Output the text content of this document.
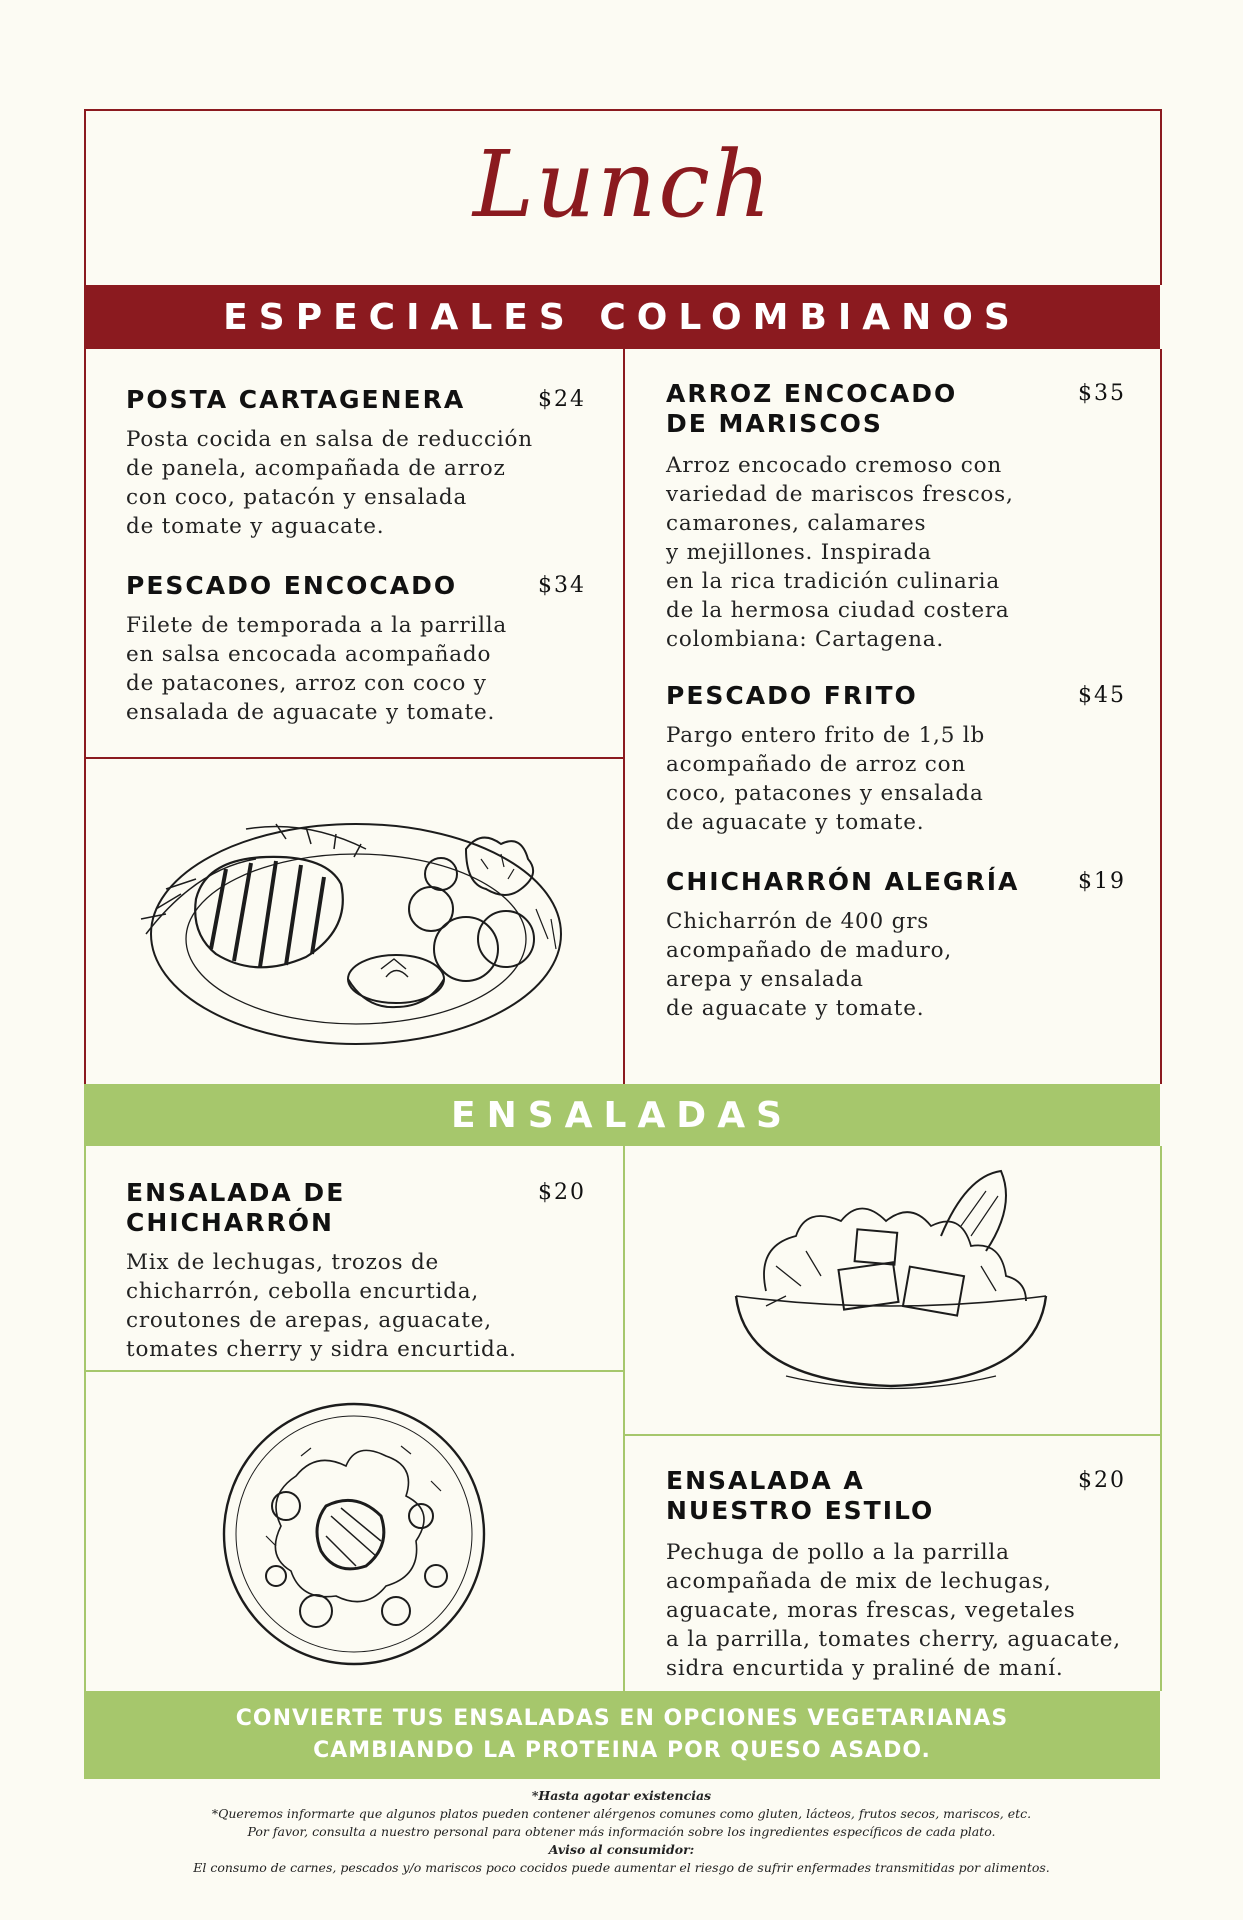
Lunch
ESPECIALES COLOMBIANOS
POSTA CARTAGENERA	$24
Posta cocida en salsa de reducción
de panela, acompañada de arroz
con coco, patacón y ensalada
de tomate y aguacate.
PESCADO ENCOCADO	$34
Filete de temporada a la parrilla
en salsa encocada acompañado
de patacones, arroz con coco y
ensalada de aguacate y tomate.
ARROZ ENCOCADO
DE MARISCOS
$35
Arroz encocado cremoso con
variedad de mariscos frescos,
camarones, calamares
y mejillones. Inspirada
en la rica tradición culinaria
de la hermosa ciudad costera
colombiana: Cartagena.
PESCADO FRITO	$45
Pargo entero frito de 1,5 lb
acompañado de arroz con
coco, patacones y ensalada
de aguacate y tomate.
CHICHARRÓN ALEGRÍA	$19
Chicharrón de 400 grs
acompañado de maduro,
arepa y ensalada
de aguacate y tomate.
ENSALADAS
ENSALADA DE CHICHARRÓN
$20
Mix de lechugas, trozos de
chicharrón, cebolla encurtida,
croutones de arepas, aguacate,
tomates cherry y sidra encurtida.
ENSALADA A
NUESTRO ESTILO
$20
Pechuga de pollo a la parrilla
acompañada de mix de lechugas,
aguacate, moras frescas, vegetales
a la parrilla, tomates cherry, aguacate,
sidra encurtida y praliné de maní.
CONVIERTE TUS ENSALADAS EN OPCIONES VEGETARIANAS
CAMBIANDO LA PROTEINA POR QUESO ASADO.
*Hasta agotar existencias
*Queremos informarte que algunos platos pueden contener alérgenos comunes como gluten, lácteos, frutos secos, mariscos, etc.
Por favor, consulta a nuestro personal para obtener más información sobre los ingredientes específicos de cada plato.
Aviso al consumidor:
El consumo de carnes, pescados y/o mariscos poco cocidos puede aumentar el riesgo de sufrir enfermades transmitidas por alimentos.
